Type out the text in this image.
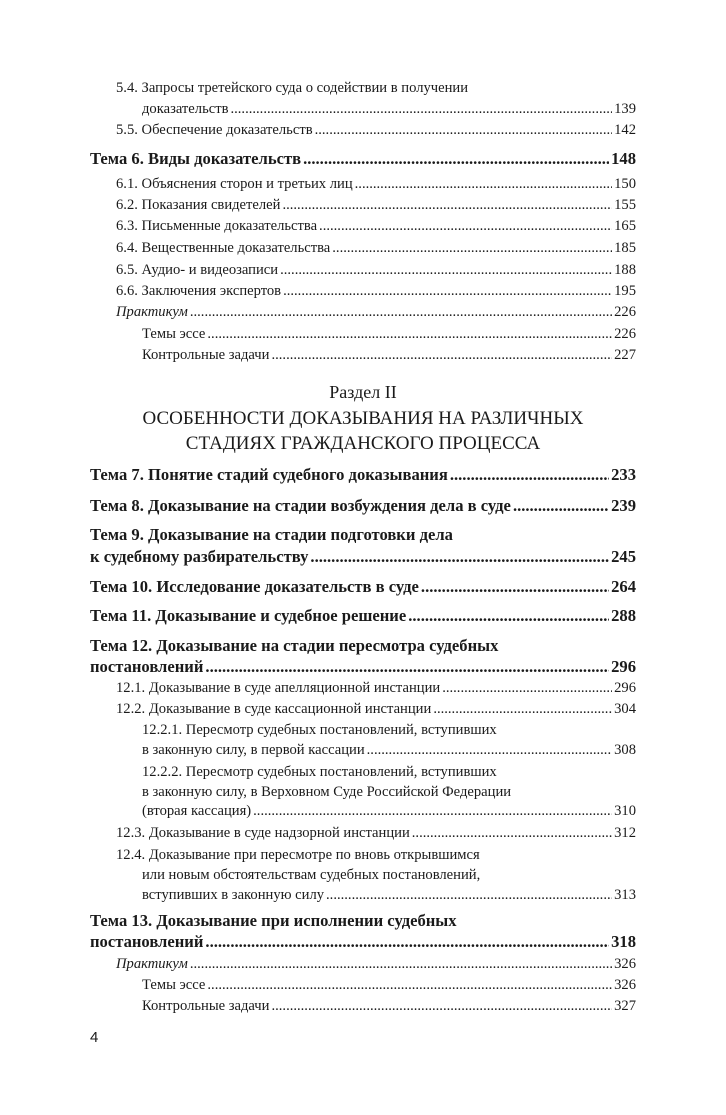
5.4. Запросы третейского суда о содействии в получении
доказательств .....	139
5.5. Обеспечение доказательств .....	142
Тема 6. Виды доказательств .....	148
6.1. Объяснения сторон и третьих лиц .....	150
6.2. Показания свидетелей .....	155
6.3. Письменные доказательства .....	165
6.4. Вещественные доказательства .....	185
6.5. Аудио- и видеозаписи .....	188
6.6. Заключения экспертов .....	195
Практикум .....	226
Темы эссе .....	226
Контрольные задачи .....	227
Раздел II
ОСОБЕННОСТИ ДОКАЗЫВАНИЯ НА РАЗЛИЧНЫХ
СТАДИЯХ ГРАЖДАНСКОГО ПРОЦЕССА
Тема 7. Понятие стадий судебного доказывания .....	233
Тема 8. Доказывание на стадии возбуждения дела в суде .....	239
Тема 9. Доказывание на стадии подготовки дела
к судебному разбирательству .....	245
Тема 10. Исследование доказательств в суде .....	264
Тема 11. Доказывание и судебное решение .....	288
Тема 12. Доказывание на стадии пересмотра судебных
постановлений .....	296
12.1. Доказывание в суде апелляционной инстанции .....	296
12.2. Доказывание в суде кассационной инстанции .....	304
12.2.1. Пересмотр судебных постановлений, вступивших
в законную силу, в первой кассации .....	308
12.2.2. Пересмотр судебных постановлений, вступивших
в законную силу, в Верховном Суде Российской Федерации
(вторая кассация) .....	310
12.3. Доказывание в суде надзорной инстанции .....	312
12.4. Доказывание при пересмотре по вновь открывшимся
или новым обстоятельствам судебных постановлений,
вступивших в законную силу .....	313
Тема 13. Доказывание при исполнении судебных
постановлений .....	318
Практикум .....	326
Темы эссе .....	326
Контрольные задачи .....	327
4
